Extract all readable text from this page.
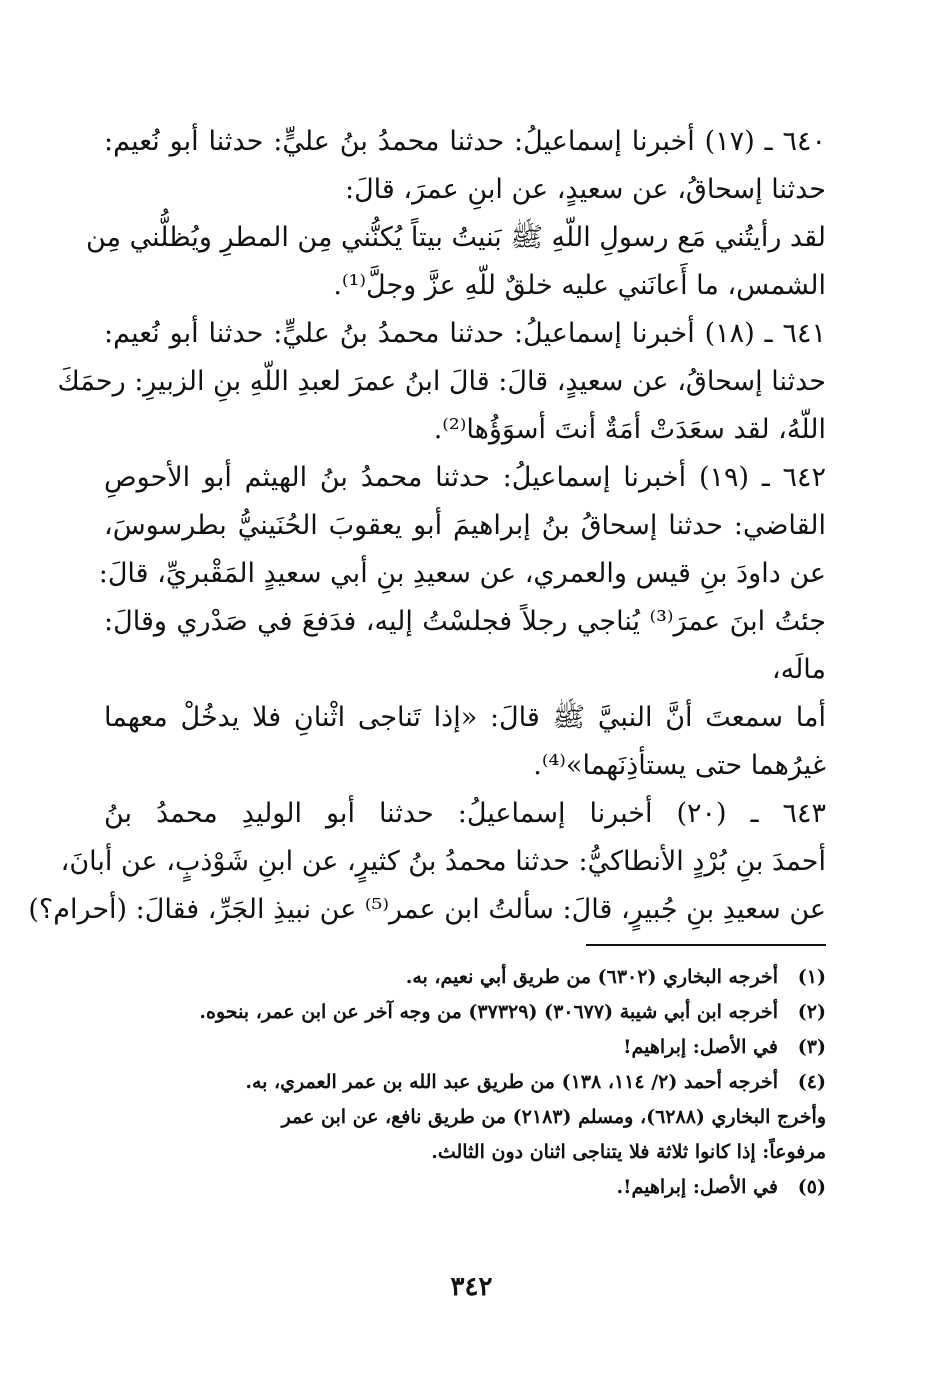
٦٤٠ ـ (١٧) أخبرنا إسماعيلُ: حدثنا محمدُ بنُ عليٍّ: حدثنا أبو نُعيم:
حدثنا إسحاقُ، عن سعيدٍ، عن ابنِ عمرَ، قالَ:
لقد رأيتُني مَع رسولِ اللّهِ ﷺ بَنيتُ بيتاً يُكنُّني مِن المطرِ ويُظلُّني مِن
الشمس، ما أَعانَني عليه خلقٌ للّهِ عزَّ وجلَّ⁽¹⁾.
٦٤١ ـ (١٨) أخبرنا إسماعيلُ: حدثنا محمدُ بنُ عليٍّ: حدثنا أبو نُعيم:
حدثنا إسحاقُ، عن سعيدٍ، قالَ: قالَ ابنُ عمرَ لعبدِ اللّهِ بنِ الزبيرِ: رحمَكَ
اللّهُ، لقد سعَدَتْ أمَةٌ أنتَ أسوَؤُها⁽²⁾.
٦٤٢ ـ (١٩) أخبرنا إسماعيلُ: حدثنا محمدُ بنُ الهيثم أبو الأحوصِ
القاضي: حدثنا إسحاقُ بنُ إبراهيمَ أبو يعقوبَ الحُنَينيُّ بطرسوسَ،
عن داودَ بنِ قيس والعمري، عن سعيدِ بنِ أبي سعيدٍ المَقْبريِّ، قالَ:
جئتُ ابنَ عمرَ⁽³⁾ يُناجي رجلاً فجلسْتُ إليه، فدَفعَ في صَدْري وقالَ:
مالَه،
أما سمعتَ أنَّ النبيَّ ﷺ قالَ: «إذا تَناجى اثْنانِ فلا يدخُلْ معهما
غيرُهما حتى يستأذِنَهما»⁽⁴⁾.
٦٤٣ ـ (٢٠) أخبرنا إسماعيلُ: حدثنا أبو الوليدِ محمدُ بنُ
أحمدَ بنِ بُرْدٍ الأنطاكيُّ: حدثنا محمدُ بنُ كثيرٍ، عن ابنِ شَوْذبٍ، عن أبانَ،
عن سعيدِ بنِ جُبيرٍ، قالَ: سألتُ ابن عمر⁽⁵⁾ عن نبيذِ الجَرِّ، فقالَ: (أحرام؟)
(١)أخرجه البخاري (٦٣٠٢) من طريق أبي نعيم، به.
(٢)أخرجه ابن أبي شيبة (٣٠٦٧٧) (٣٧٣٢٩) من وجه آخر عن ابن عمر، بنحوه.
(٣)في الأصل: إبراهيم!
(٤)أخرجه أحمد (٢/ ١١٤، ١٣٨) من طريق عبد الله بن عمر العمري، به.
وأخرج البخاري (٦٢٨٨)، ومسلم (٢١٨٣) من طريق نافع، عن ابن عمر
مرفوعاً: إذا كانوا ثلاثة فلا يتناجى اثنان دون الثالث.
(٥)في الأصل: إبراهيم!.
٣٤٢
